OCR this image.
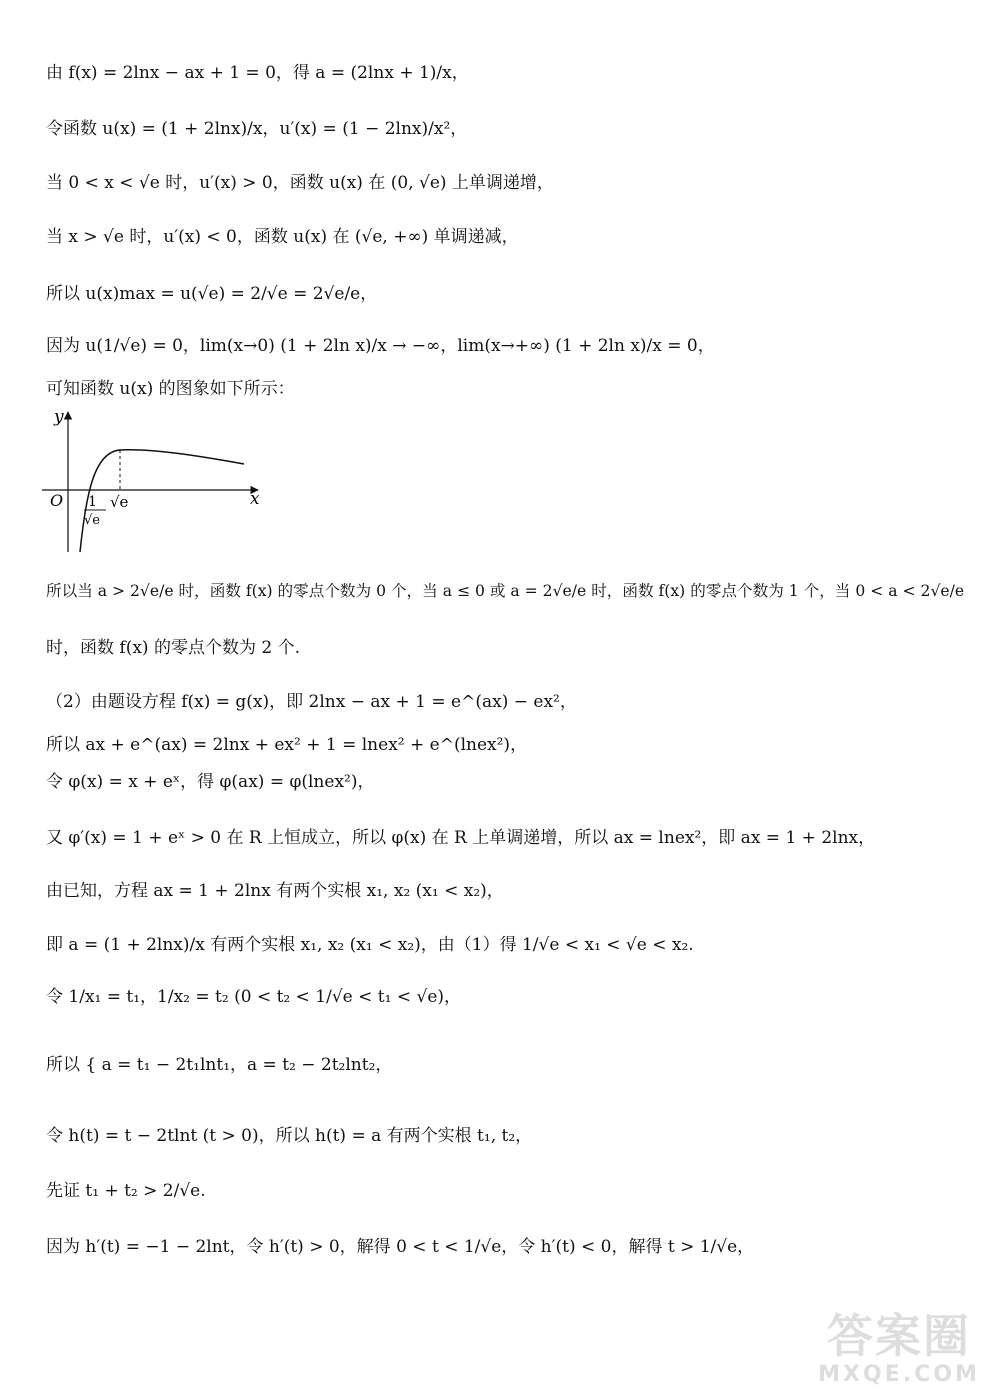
由 f(x) = 2lnx − ax + 1 = 0，得 a = (2lnx + 1)/x，
令函数 u(x) = (1 + 2lnx)/x，u′(x) = (1 − 2lnx)/x²，
当 0 < x < √e 时，u′(x) > 0，函数 u(x) 在 (0, √e) 上单调递增，
当 x > √e 时，u′(x) < 0，函数 u(x) 在 (√e, +∞) 单调递减，
所以 u(x)max = u(√e) = 2/√e = 2√e/e，
因为 u(1/√e) = 0，lim(x→0) (1 + 2ln x)/x → −∞，lim(x→+∞) (1 + 2ln x)/x = 0，
可知函数 u(x) 的图象如下所示：
所以当 a > 2√e/e 时，函数 f(x) 的零点个数为 0 个，当 a ≤ 0 或 a = 2√e/e 时，函数 f(x) 的零点个数为 1 个，当 0 < a < 2√e/e
时，函数 f(x) 的零点个数为 2 个.
（2）由题设方程 f(x) = g(x)，即 2lnx − ax + 1 = e^(ax) − ex²，
所以 ax + e^(ax) = 2lnx + ex² + 1 = lnex² + e^(lnex²)，
令 φ(x) = x + eˣ，得 φ(ax) = φ(lnex²)，
又 φ′(x) = 1 + eˣ > 0 在 R 上恒成立，所以 φ(x) 在 R 上单调递增，所以 ax = lnex²，即 ax = 1 + 2lnx，
由已知，方程 ax = 1 + 2lnx 有两个实根 x₁, x₂ (x₁ < x₂)，
即 a = (1 + 2lnx)/x 有两个实根 x₁, x₂ (x₁ < x₂)，由（1）得 1/√e < x₁ < √e < x₂.
令 1/x₁ = t₁，1/x₂ = t₂ (0 < t₂ < 1/√e < t₁ < √e)，
所以 { a = t₁ − 2t₁lnt₁，a = t₂ − 2t₂lnt₂，
令 h(t) = t − 2tlnt (t > 0)，所以 h(t) = a 有两个实根 t₁, t₂，
先证 t₁ + t₂ > 2/√e.
因为 h′(t) = −1 − 2lnt，令 h′(t) > 0，解得 0 < t < 1/√e，令 h′(t) < 0，解得 t > 1/√e，
y
x
O 1
√e
√e
答案圈
MXQE.COM
